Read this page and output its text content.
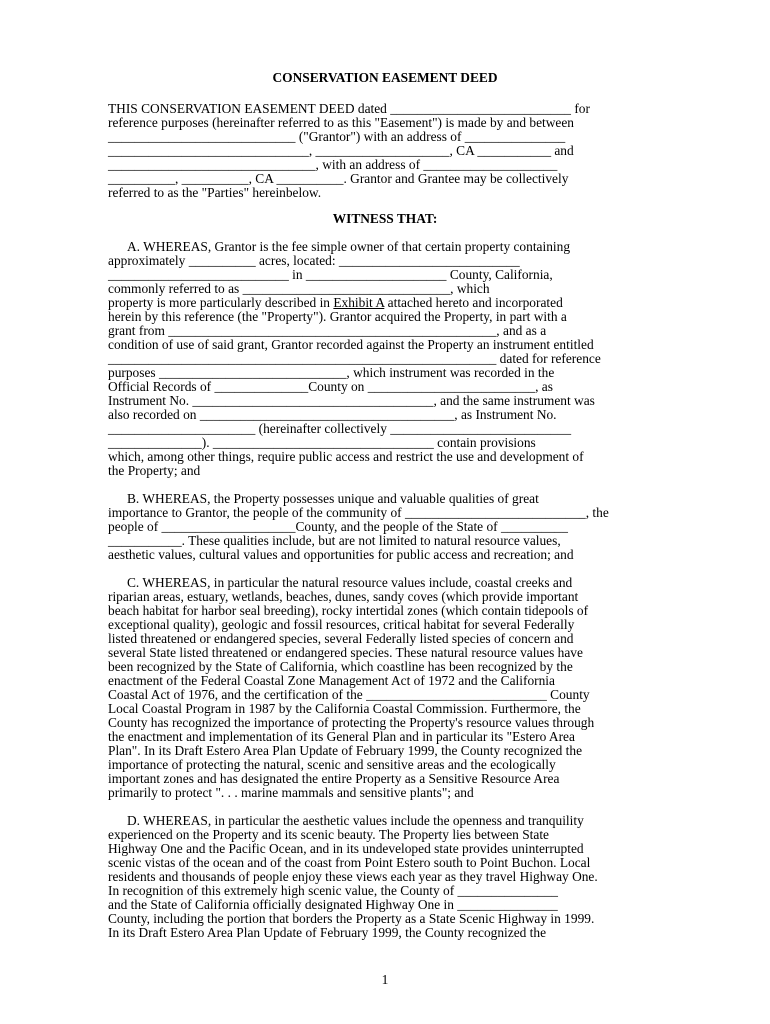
CONSERVATION EASEMENT DEED
THIS CONSERVATION EASEMENT DEED dated ___________________________ for
reference purposes (hereinafter referred to as this "Easement") is made by and between
____________________________ ("Grantor") with an address of _______________
______________________________, ____________________, CA ___________ and
_______________________________, with an address of ____________________
__________, __________, CA __________. Grantor and Grantee may be collectively
referred to as the "Parties" hereinbelow.
WITNESS THAT:
A. WHEREAS, Grantor is the fee simple owner of that certain property containing
approximately __________ acres, located: ___________________________
___________________________ in _____________________ County, California,
commonly referred to as _______________________________, which
property is more particularly described in Exhibit A attached hereto and incorporated
herein by this reference (the "Property"). Grantor acquired the Property, in part with a
grant from _________________________________________________, and as a
condition of use of said grant, Grantor recorded against the Property an instrument entitled
__________________________________________________________ dated for reference
purposes ____________________________, which instrument was recorded in the
Official Records of ______________County on _________________________, as
Instrument No. ____________________________________, and the same instrument was
also recorded on ______________________________________, as Instrument No.
______________________ (hereinafter collectively ___________________________
______________). _________________________________ contain provisions
which, among other things, require public access and restrict the use and development of
the Property; and
B. WHEREAS, the Property possesses unique and valuable qualities of great
importance to Grantor, the people of the community of ___________________________, the
people of ____________________County, and the people of the State of __________
___________. These qualities include, but are not limited to natural resource values,
aesthetic values, cultural values and opportunities for public access and recreation; and
C. WHEREAS, in particular the natural resource values include, coastal creeks and
riparian areas, estuary, wetlands, beaches, dunes, sandy coves (which provide important
beach habitat for harbor seal breeding), rocky intertidal zones (which contain tidepools of
exceptional quality), geologic and fossil resources, critical habitat for several Federally
listed threatened or endangered species, several Federally listed species of concern and
several State listed threatened or endangered species. These natural resource values have
been recognized by the State of California, which coastline has been recognized by the
enactment of the Federal Coastal Zone Management Act of 1972 and the California
Coastal Act of 1976, and the certification of the ___________________________ County
Local Coastal Program in 1987 by the California Coastal Commission. Furthermore, the
County has recognized the importance of protecting the Property's resource values through
the enactment and implementation of its General Plan and in particular its "Estero Area
Plan". In its Draft Estero Area Plan Update of February 1999, the County recognized the
importance of protecting the natural, scenic and sensitive areas and the ecologically
important zones and has designated the entire Property as a Sensitive Resource Area
primarily to protect ". . . marine mammals and sensitive plants"; and
D. WHEREAS, in particular the aesthetic values include the openness and tranquility
experienced on the Property and its scenic beauty. The Property lies between State
Highway One and the Pacific Ocean, and in its undeveloped state provides uninterrupted
scenic vistas of the ocean and of the coast from Point Estero south to Point Buchon. Local
residents and thousands of people enjoy these views each year as they travel Highway One.
In recognition of this extremely high scenic value, the County of _______________
and the State of California officially designated Highway One in _______________
County, including the portion that borders the Property as a State Scenic Highway in 1999.
In its Draft Estero Area Plan Update of February 1999, the County recognized the
1
